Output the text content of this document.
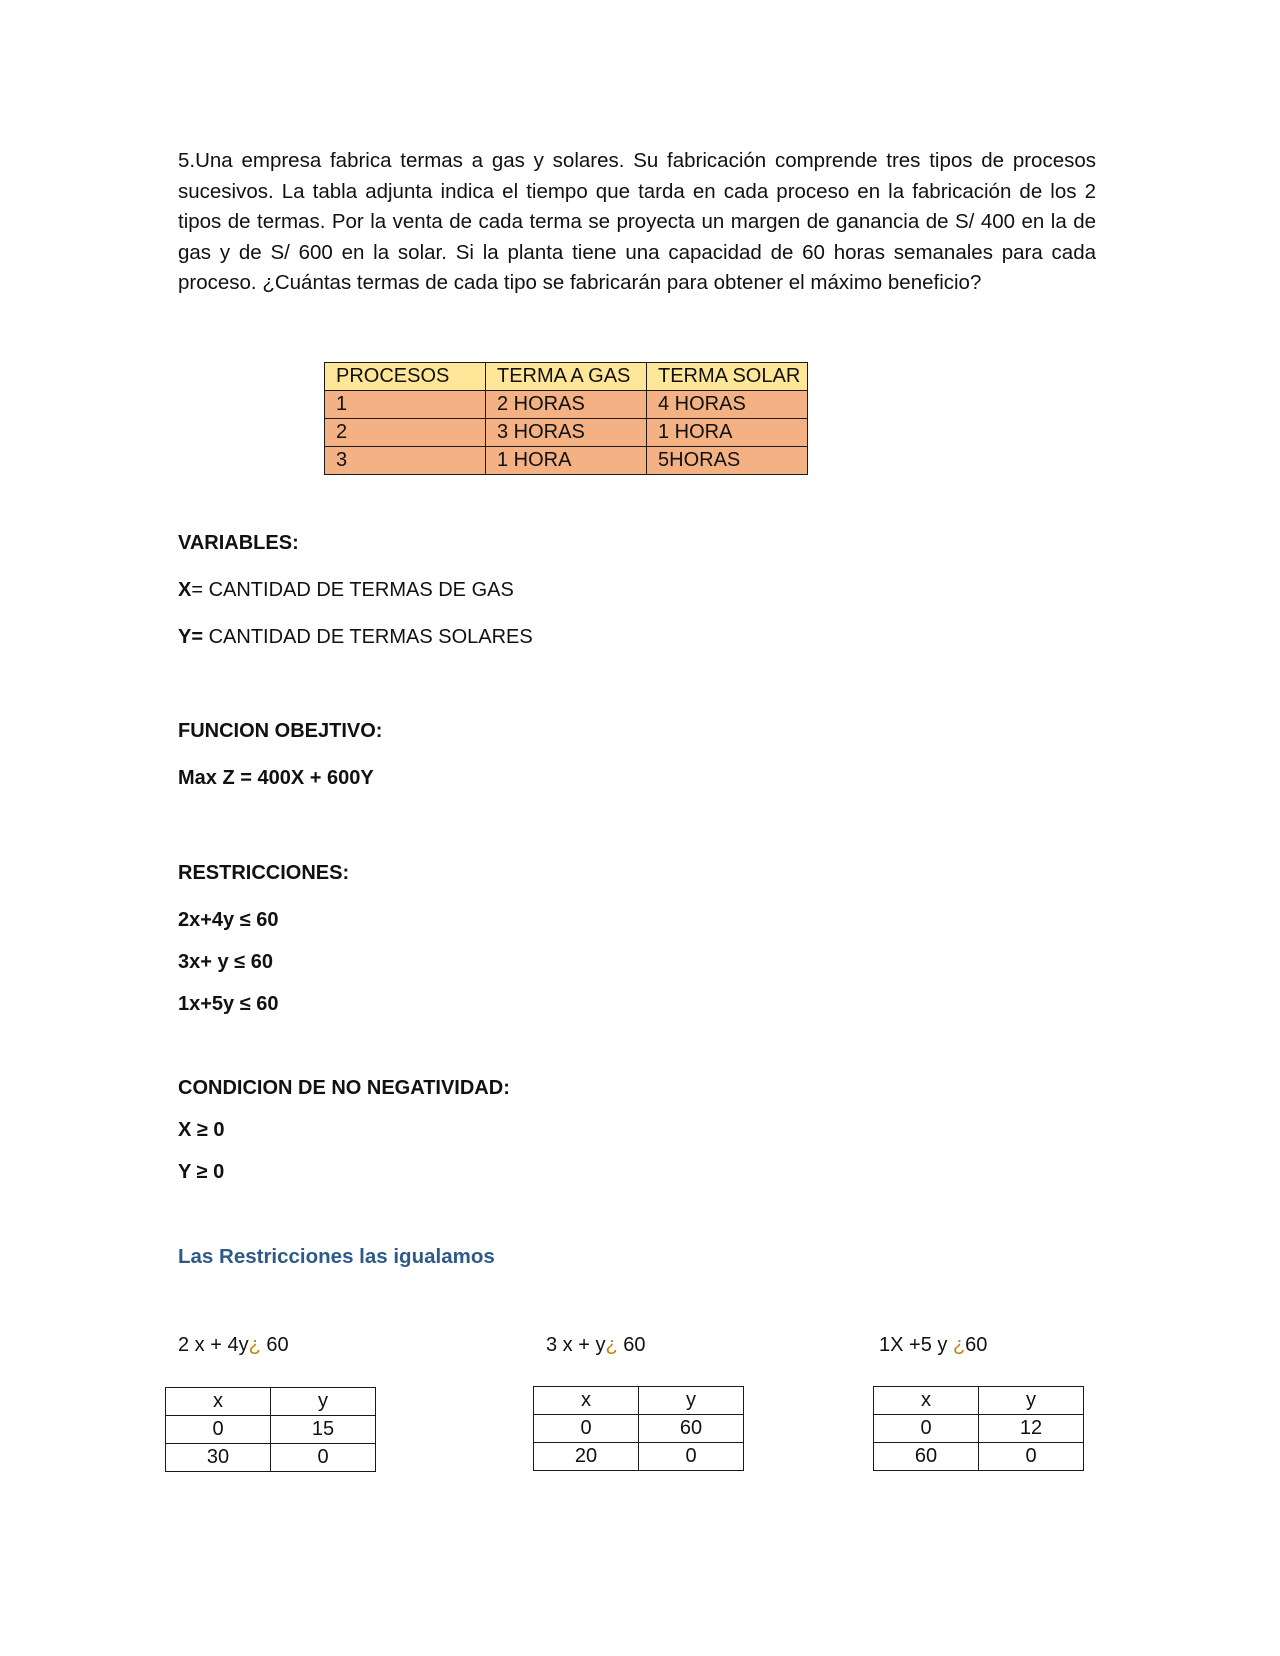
5.Una empresa fabrica termas a gas y solares. Su fabricación comprende tres tipos de procesos sucesivos. La tabla adjunta indica el tiempo que tarda en cada proceso en la fabricación de los 2 tipos de termas. Por la venta de cada terma se proyecta un margen de ganancia de S/ 400 en la de gas y de S/ 600 en la solar. Si la planta tiene una capacidad de 60 horas semanales para cada proceso. ¿Cuántas termas de cada tipo se fabricarán para obtener el máximo beneficio?

PROCESOS	TERMA A GAS	TERMA SOLAR
1	2 HORAS	4 HORAS
2	3 HORAS	1 HORA
3	1 HORA	5HORAS

VARIABLES:

X= CANTIDAD DE TERMAS DE GAS

Y= CANTIDAD DE TERMAS SOLARES

FUNCION OBEJTIVO:

Max Z = 400X + 600Y

RESTRICCIONES:

2x+4y ≤ 60

3x+ y ≤ 60

1x+5y ≤ 60

CONDICION DE NO NEGATIVIDAD:

X ≥ 0

Y ≥ 0

Las Restricciones las igualamos

2 x + 4y¿ 60
x	y
0	15
30	0
3 x + y¿ 60
x	y
0	60
20	0
1X +5 y ¿60
x	y
0	12
60	0
